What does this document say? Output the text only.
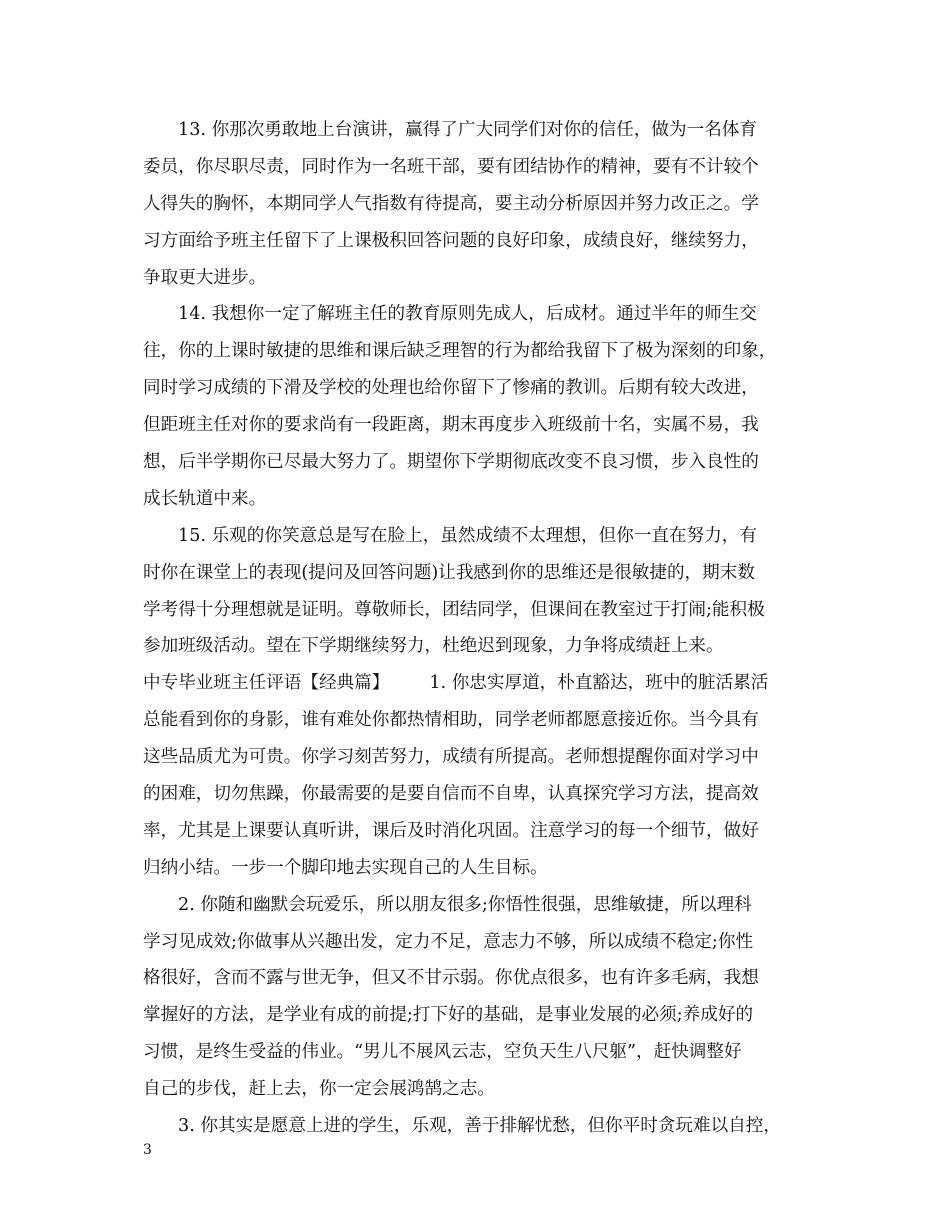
13. 你那次勇敢地上台演讲，赢得了广大同学们对你的信任，做为一名体育
委员，你尽职尽责，同时作为一名班干部，要有团结协作的精神，要有不计较个
人得失的胸怀，本期同学人气指数有待提高，要主动分析原因并努力改正之。学
习方面给予班主任留下了上课极积回答问题的良好印象，成绩良好，继续努力，
争取更大进步。
14. 我想你一定了解班主任的教育原则先成人，后成材。通过半年的师生交
往，你的上课时敏捷的思维和课后缺乏理智的行为都给我留下了极为深刻的印象，
同时学习成绩的下滑及学校的处理也给你留下了惨痛的教训。后期有较大改进，
但距班主任对你的要求尚有一段距离，期末再度步入班级前十名，实属不易，我
想，后半学期你已尽最大努力了。期望你下学期彻底改变不良习惯，步入良性的
成长轨道中来。
15. 乐观的你笑意总是写在脸上，虽然成绩不太理想，但你一直在努力，有
时你在课堂上的表现(提问及回答问题)让我感到你的思维还是很敏捷的，期末数
学考得十分理想就是证明。尊敬师长，团结同学，但课间在教室过于打闹;能积极
参加班级活动。望在下学期继续努力，杜绝迟到现象，力争将成绩赶上来。
中专毕业班主任评语【经典篇】 1. 你忠实厚道，朴直豁达，班中的脏活累活
总能看到你的身影，谁有难处你都热情相助，同学老师都愿意接近你。当今具有
这些品质尤为可贵。你学习刻苦努力，成绩有所提高。老师想提醒你面对学习中
的困难，切勿焦躁，你最需要的是要自信而不自卑，认真探究学习方法，提高效
率，尤其是上课要认真听讲，课后及时消化巩固。注意学习的每一个细节，做好
归纳小结。一步一个脚印地去实现自己的人生目标。
2. 你随和幽默会玩爱乐，所以朋友很多;你悟性很强，思维敏捷，所以理科
学习见成效;你做事从兴趣出发，定力不足，意志力不够，所以成绩不稳定;你性
格很好，含而不露与世无争，但又不甘示弱。你优点很多，也有许多毛病，我想
掌握好的方法，是学业有成的前提;打下好的基础，是事业发展的必须;养成好的
习惯，是终生受益的伟业。“男儿不展风云志，空负天生八尺躯”，赶快调整好
自己的步伐，赶上去，你一定会展鸿鹄之志。
3. 你其实是愿意上进的学生，乐观，善于排解忧愁，但你平时贪玩难以自控，
3
